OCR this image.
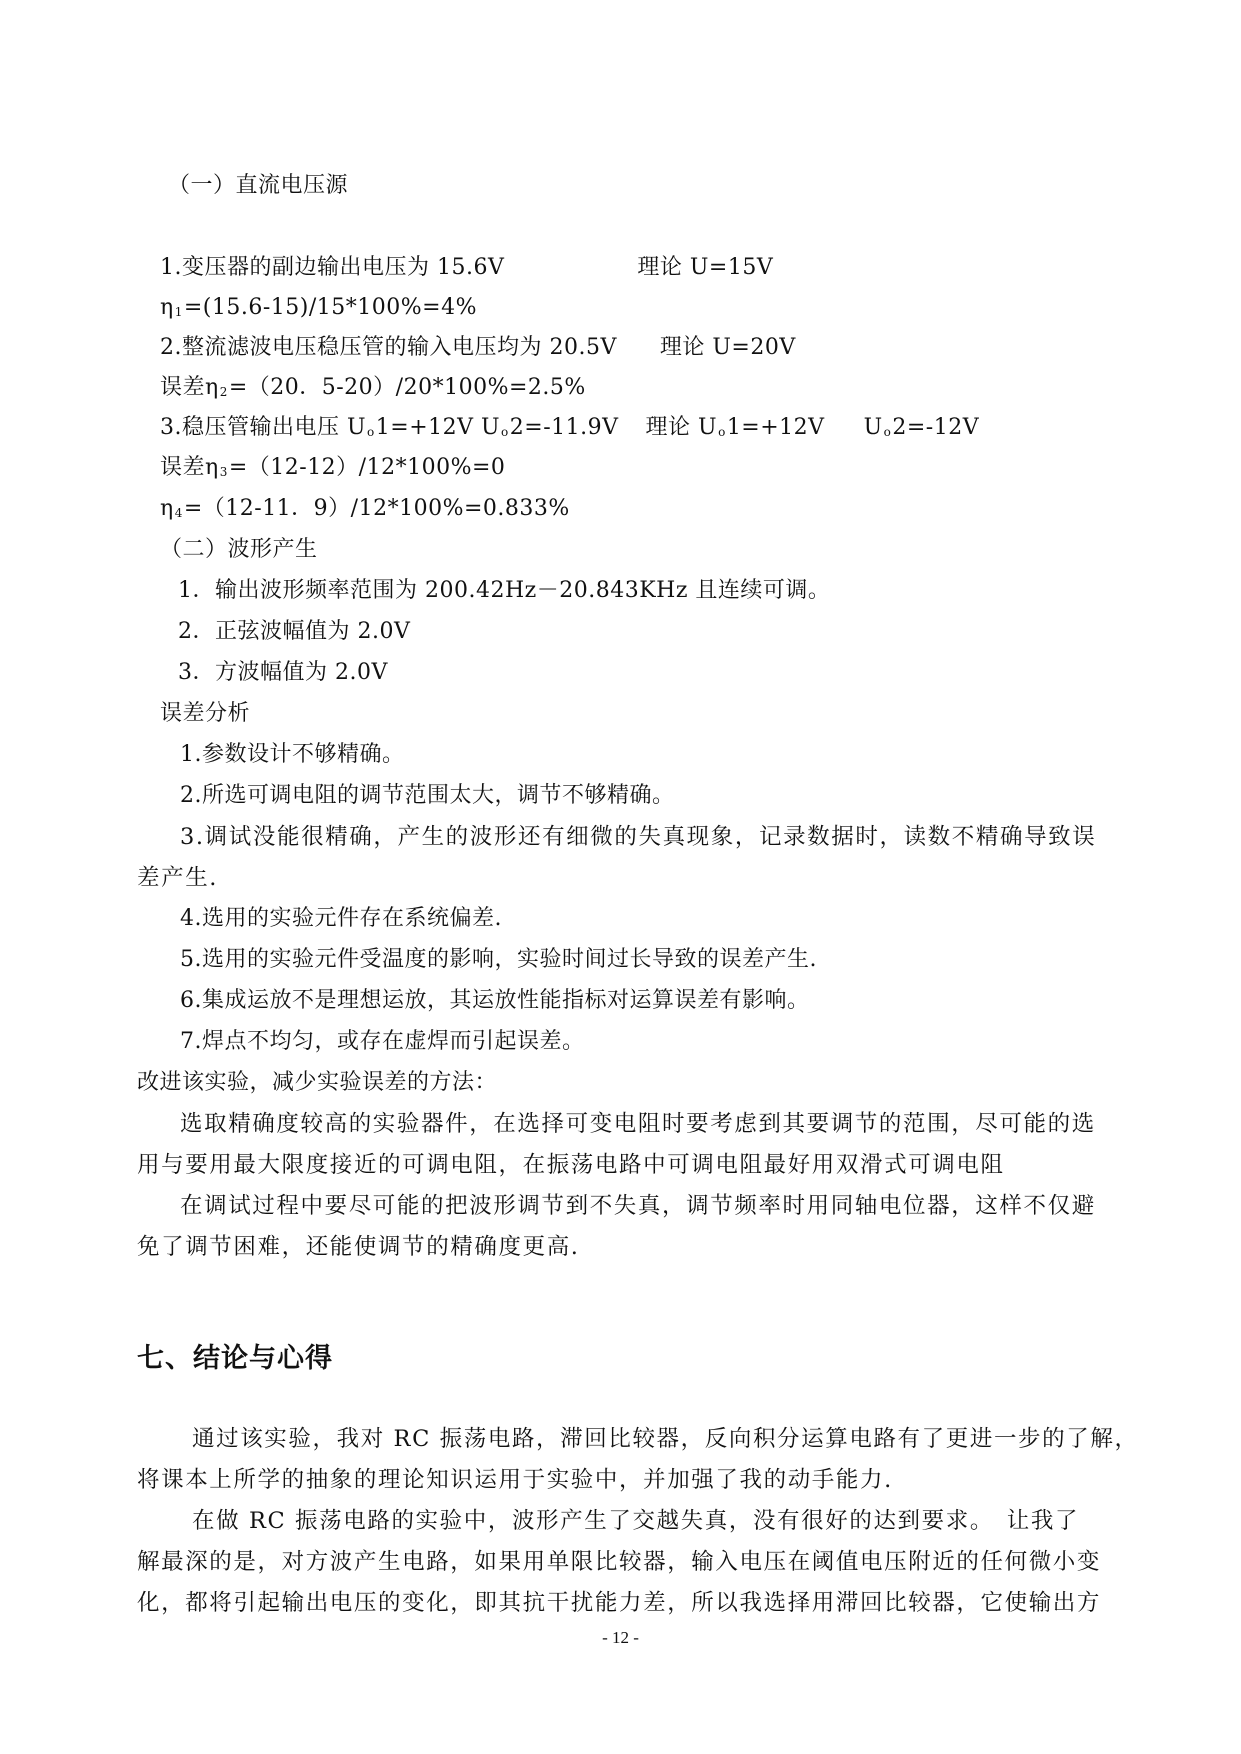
（一）直流电压源
1.变压器的副边输出电压为 15.6V	理论 U=15V
$\eta_1=(15.6-15)/15*100\%=4\%$
2.整流滤波电压稳压管的输入电压均为 20.5V 理论 U=20V
误差$\eta_2=(20$．5-20）/20*100%=2.5%
3.稳压管输出电压 $U_o1=+12V$ $U_o2=-11.9V$ 理论 $U_o1=+12V$ $U_o2=-12V$
误差$\eta_3=(12-12)/12*100\%=0$
$\eta_4=(12-11$．9）/12*100%=0.833%
（二）波形产生
1．输出波形频率范围为 200.42Hz－20.843KHz 且连续可调。
2．正弦波幅值为 2.0V
3．方波幅值为 2.0V
误差分析
1.参数设计不够精确。
2.所选可调电阻的调节范围太大，调节不够精确。
3.调试没能很精确，产生的波形还有细微的失真现象，记录数据时，读数不精确导致误
差产生.
4.选用的实验元件存在系统偏差.
5.选用的实验元件受温度的影响，实验时间过长导致的误差产生.
6.集成运放不是理想运放，其运放性能指标对运算误差有影响。
7.焊点不均匀，或存在虚焊而引起误差。
改进该实验，减少实验误差的方法：
选取精确度较高的实验器件，在选择可变电阻时要考虑到其要调节的范围，尽可能的选
用与要用最大限度接近的可调电阻，在振荡电路中可调电阻最好用双滑式可调电阻
在调试过程中要尽可能的把波形调节到不失真，调节频率时用同轴电位器，这样不仅避
免了调节困难，还能使调节的精确度更高.
七、结论与心得
通过该实验，我对 RC 振荡电路，滞回比较器，反向积分运算电路有了更进一步的了解，
将课本上所学的抽象的理论知识运用于实验中，并加强了我的动手能力.
在做 RC 振荡电路的实验中，波形产生了交越失真，没有很好的达到要求。　让我了
解最深的是，对方波产生电路，如果用单限比较器，输入电压在阈值电压附近的任何微小变
化，都将引起输出电压的变化，即其抗干扰能力差，所以我选择用滞回比较器，它使输出方
- 12 -
